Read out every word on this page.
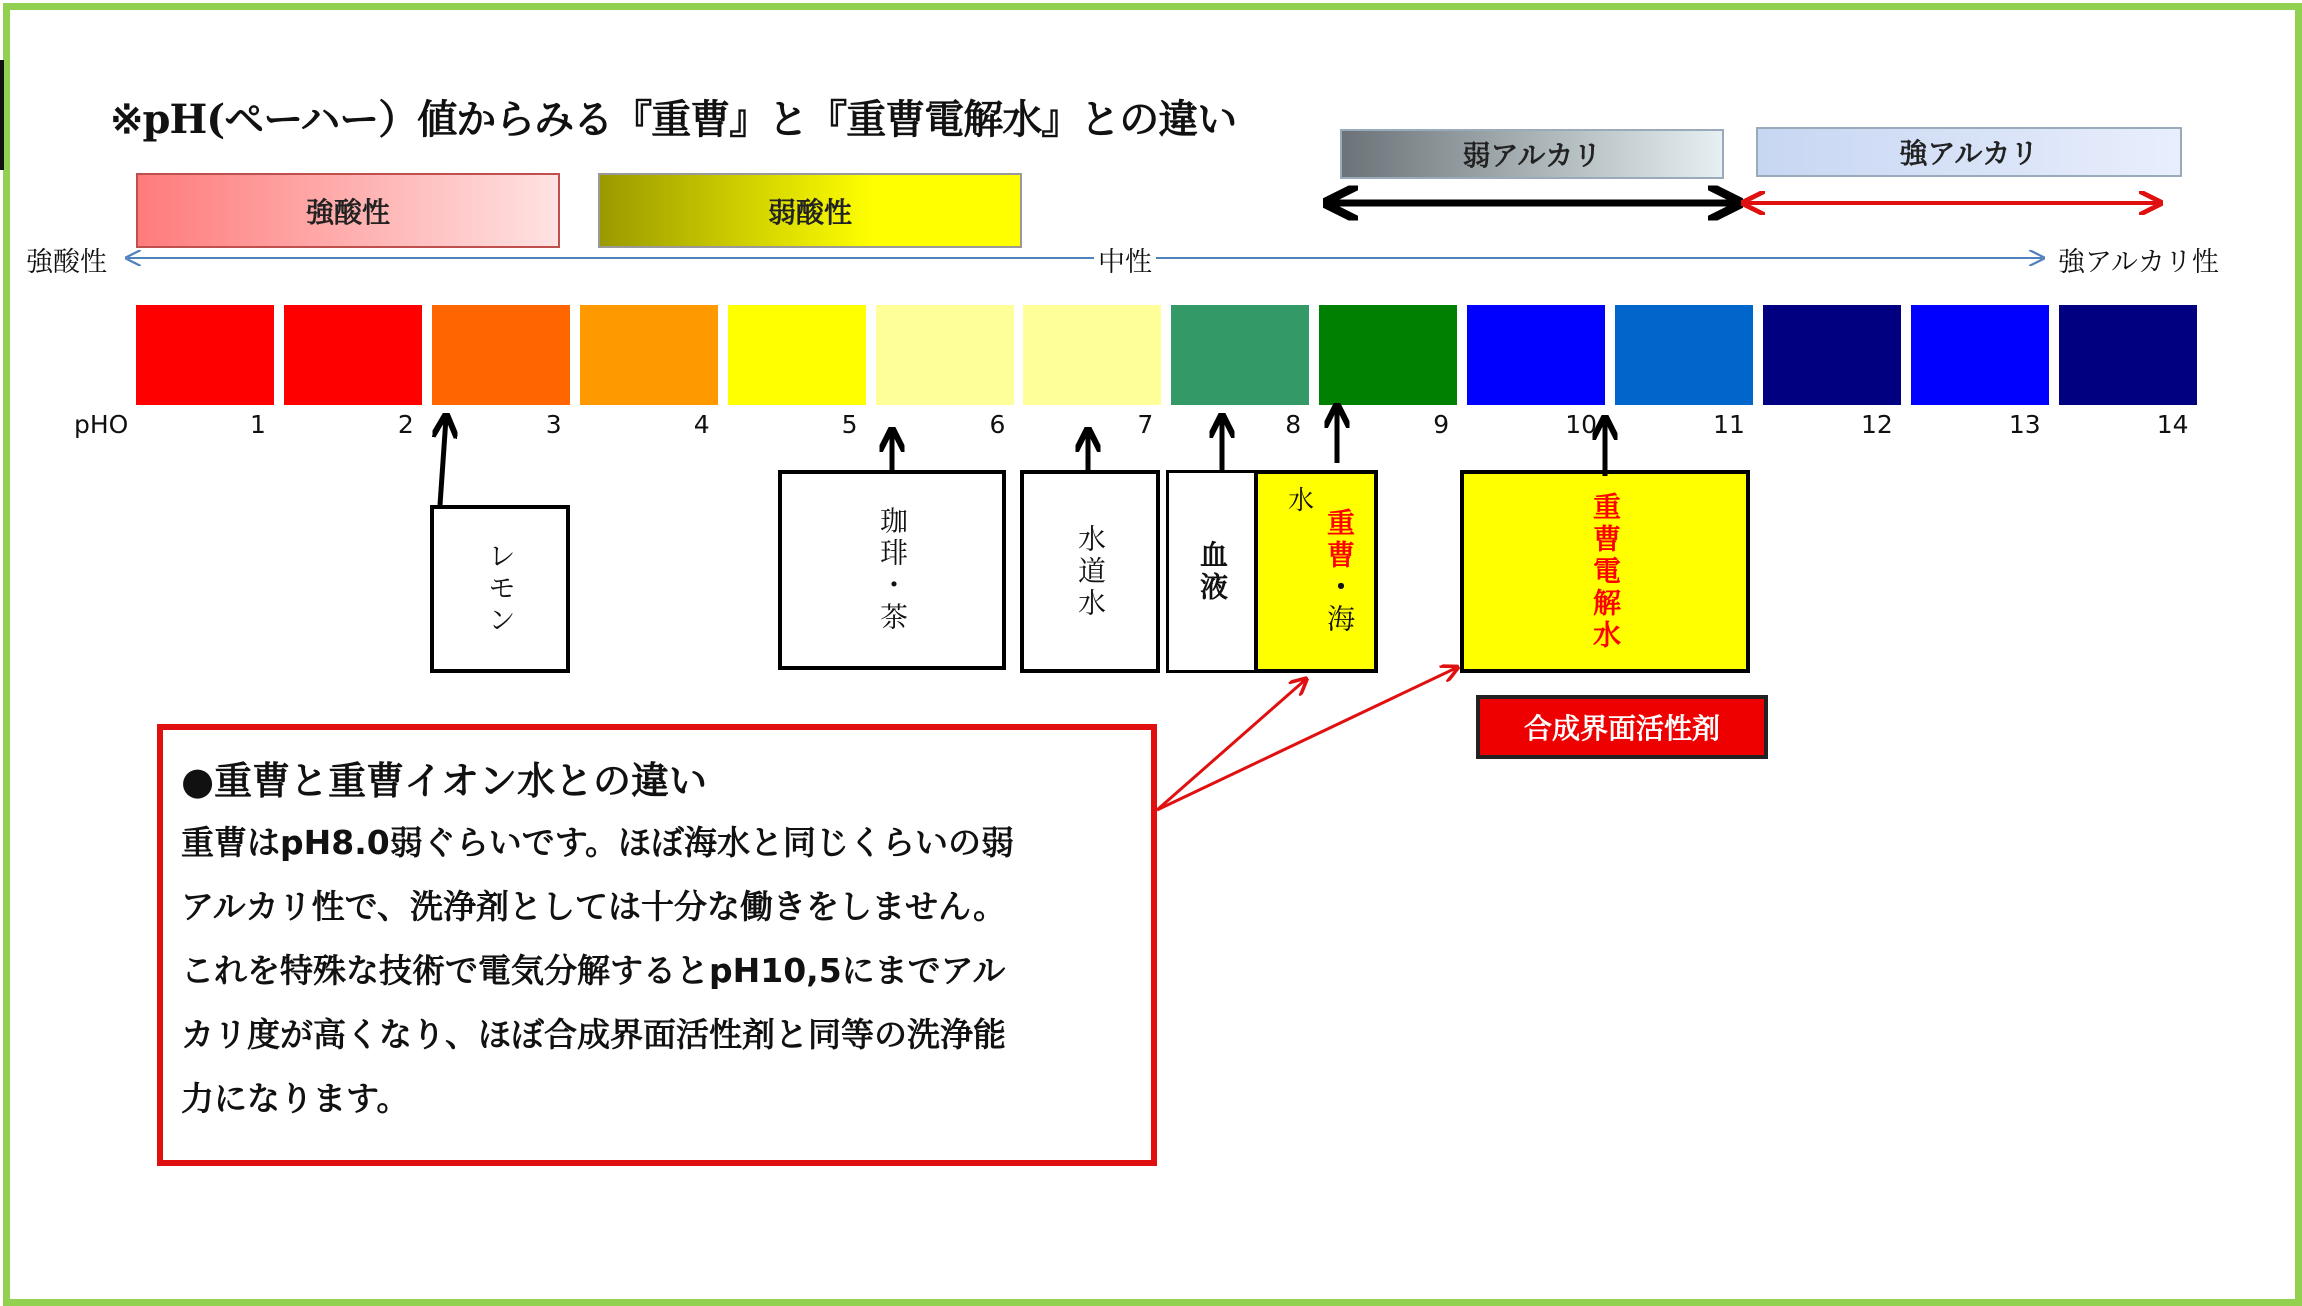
※pH(ペーハー）値からみる『重曹』と『重曹電解水』との違い
強酸性	弱酸性
弱アルカリ	強アルカリ
強酸性	中性	強アルカリ性
pHO	1	2	3	4	5	6	7	8	9	10	11	12	13	14
レモン	珈琲・茶	水道水	血液
水
重曹
・
海	重曹電解水
合成界面活性剤
●重曹と重曹イオン水との違い

重曹はpH8.0弱ぐらいです。ほぼ海水と同じくらいの弱

アルカリ性で、洗浄剤としては十分な働きをしません。

これを特殊な技術で電気分解するとpH10,5にまでアル

カリ度が高くなり、ほぼ合成界面活性剤と同等の洗浄能

力になります。
